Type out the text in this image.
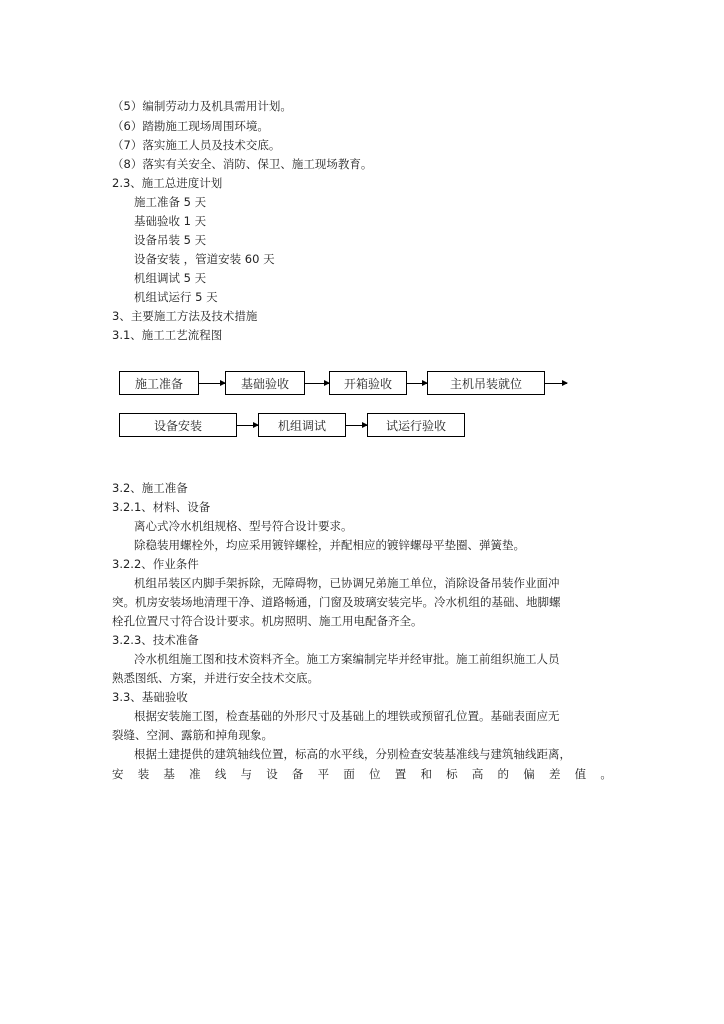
（5）编制劳动力及机具需用计划。
（6）踏勘施工现场周围环境。
（7）落实施工人员及技术交底。
（8）落实有关安全、消防、保卫、施工现场教育。
2.3、施工总进度计划
施工准备 5 天
基础验收 1 天
设备吊装 5 天
设备安装 ，管道安装 60 天
机组调试 5 天
机组试运行 5 天
3、主要施工方法及技术措施
3.1、施工工艺流程图
施工准备	基础验收	开箱验收	主机吊装就位
设备安装	机组调试	试运行验收
3.2、施工准备
3.2.1、材料、设备
离心式冷水机组规格、型号符合设计要求。
除稳装用螺栓外，均应采用镀锌螺栓，并配相应的镀锌螺母平垫圈、弹簧垫。
3.2.2、作业条件
机组吊装区内脚手架拆除，无障碍物，已协调兄弟施工单位，消除设备吊装作业面冲
突。机房安装场地清理干净、道路畅通，门窗及玻璃安装完毕。冷水机组的基础、地脚螺
栓孔位置尺寸符合设计要求。机房照明、施工用电配备齐全。
3.2.3、技术准备
冷水机组施工图和技术资料齐全。施工方案编制完毕并经审批。施工前组织施工人员
熟悉图纸、方案，并进行安全技术交底。
3.3、基础验收
根据安装施工图，检查基础的外形尺寸及基础上的埋铁或预留孔位置。基础表面应无
裂缝、空洞、露筋和掉角现象。
根据土建提供的建筑轴线位置，标高的水平线，分别检查安装基准线与建筑轴线距离，
安 装 基 准 线 与 设 备 平 面 位 置 和 标 高 的 偏 差 值 。
